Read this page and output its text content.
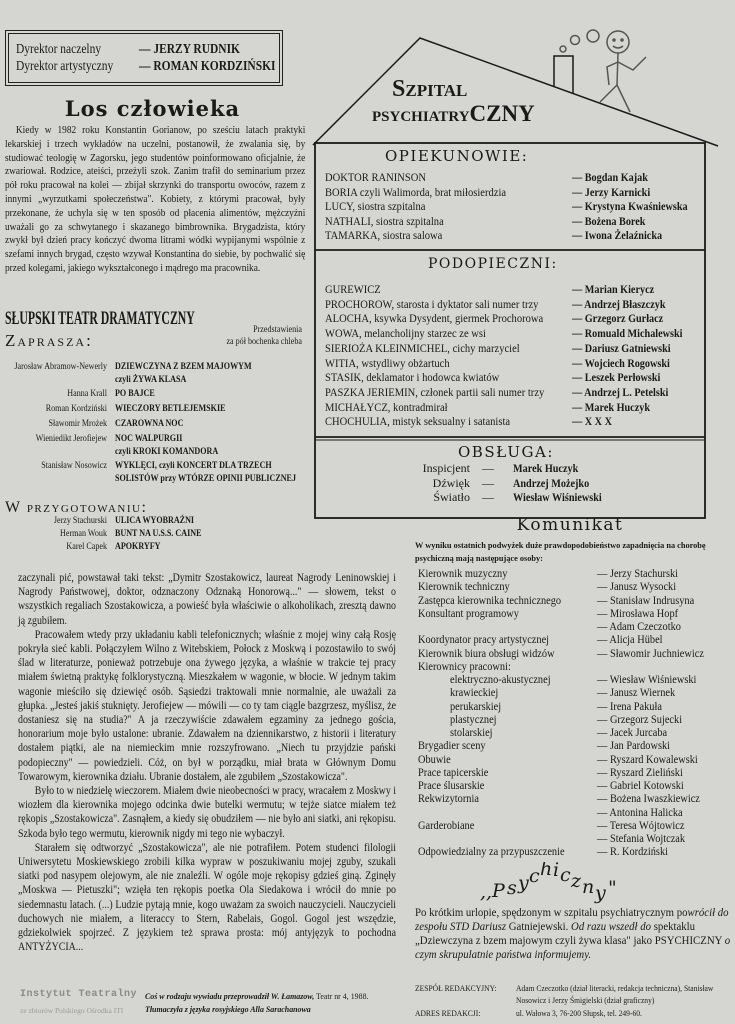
Dyrektor naczelny	— JERZY RUDNIK
Dyrektor artystyczny — ROMAN KORDZIŃSKI
Los człowieka
Kiedy w 1982 roku Konstantin Gorianow, po sześciu latach praktyki lekarskiej i trzech wykładów na uczelni, postanowił, że zwalania się, by studiować teologię w Zagorsku, jego studentów poinformowano oficjalnie, że zwariował. Rodzice, ateiści, przeżyli szok. Zanim trafił do seminarium przez pół roku pracował na kolei — zbijał skrzynki do transportu owoców, razem z innymi „wyrzutkami społeczeństwa". Kobiety, z którymi pracował, były przekonane, że uchyla się w ten sposób od płacenia alimentów, mężczyźni uważali go za schwytanego i skazanego bimbrownika. Brygadzista, który zwykł był dzień pracy kończyć dwoma litrami wódki wypijanymi wspólnie z szefami innych brygad, często wzywał Konstantina do siebie, by pochwalić się przed kolegami, jakiego wykształconego i mądrego ma pracownika.
SŁUPSKI TEATR DRAMATYCZNY
Zaprasza:
Przedstawienia
za pół bochenka chleba
Jarosław Abramow-Newerly DZIEWCZYNA Z BZEM MAJOWYM
czyli ŻYWA KLASA
Hanna Krall PO BAJCE
Roman Kordziński WIECZORY BETLEJEMSKIE
Sławomir Mrożek CZAROWNA NOC
Wieniedikt Jerofiejew NOC WALPURGII
czyli KROKI KOMANDORA
Stanisław Nosowicz WYKLĘCI, czyli KONCERT DLA TRZECH
SOLISTÓW przy WTÓRZE OPINII PUBLICZNEJ
W przygotowaniu:
Jerzy Stachurski ULICA WYOBRAŹNI
Herman Wouk BUNT NA U.S.S. CAINE
Karel Capek APOKRYFY

zaczynali pić, powstawał taki tekst: „Dymitr Szostakowicz, laureat Nagrody Leninowskiej i Nagrody Państwowej, doktor, odznaczony Odznaką Honorową..." — słowem, tekst o wszystkich regaliach Szostakowicza, a powieść była właściwie o alkoholikach, zresztą dawno ją zgubiłem.

Pracowałem wtedy przy układaniu kabli telefonicznych; właśnie z mojej winy całą Rosję pokryła sieć kabli. Połączyłem Wilno z Witebskiem, Połock z Moskwą i pozostawiło to swój ślad w literaturze, ponieważ potrzebuje ona żywego języka, a właśnie w trakcie tej pracy miałem świetną praktykę folklorystyczną. Mieszkałem w wagonie, w błocie. W jednym takim wagonie mieściło się dziewięć osób. Sąsiedzi traktowali mnie normalnie, ale uważali za głupka. „Jesteś jakiś stuknięty. Jerofiejew — mówili — co ty tam ciągle bazgrzesz, myślisz, że dostaniesz się na studia?" A ja rzeczywiście zdawałem egzaminy za jednego gościa, honorarium moje było ustalone: ubranie. Zdawałem na dziennikarstwo, z historii i literatury dostałem piątki, ale na niemieckim mnie rozszyfrowano. „Niech tu przyjdzie pański podopieczny" — powiedzieli. Cóż, on był w porządku, miał brata w Głównym Domu Towarowym, kierownika działu. Ubranie dostałem, ale zgubiłem „Szostakowicza".

Było to w niedzielę wieczorem. Miałem dwie nieobecności w pracy, wracałem z Moskwy i wiozłem dla kierownika mojego odcinka dwie butelki wermutu; w tejże siatce miałem też rękopis „Szostakowicza". Zasnąłem, a kiedy się obudziłem — nie było ani siatki, ani rękopisu. Szkoda było tego wermutu, kierownik nigdy mi tego nie wybaczył.

Starałem się odtworzyć „Szostakowicza", ale nie potrafiłem. Potem studenci filologii Uniwersytetu Moskiewskiego zrobili kilka wypraw w poszukiwaniu mojej zguby, szukali siatki pod nasypem olejowym, ale nie znaleźli. W ogóle moje rękopisy gdzieś giną. Zginęły „Moskwa — Pietuszki"; wzięła ten rękopis poetka Ola Siedakowa i wrócił do mnie po siedemnastu latach. (...) Ludzie pytają mnie, kogo uważam za swoich nauczycieli. Nauczycieli duchowych nie miałem, a literaccy to Stern, Rabelais, Gogol. Gogol jest wszędzie, gdziekolwiek spojrzeć. Z językiem też sprawa prosta: mój antyjęzyk to pochodna ANTYŻYCIA...

Instytut Teatralny
ze zbiorów Polskiego Ośrodka ITI
Coś w rodzaju wywiadu przeprowadził W. Łamazow, Teatr nr 4, 1988.
Tłumaczyła z języka rosyjskiego Alla Sarachanowa
SZPITAL
PSYCHIATRYCZNY
OPIEKUNOWIE:
DOKTOR RANINSON	— Bogdan Kajak
BORIA czyli Walimorda, brat miłosierdzia	— Jerzy Karnicki
LUCY, siostra szpitalna	— Krystyna Kwaśniewska
NATHALI, siostra szpitalna	— Bożena Borek
TAMARKA, siostra salowa	— Iwona Żelaźnicka
PODOPIECZNI:
GUREWICZ	— Marian Kierycz
PROCHOROW, starosta i dyktator sali numer trzy	— Andrzej Błaszczyk
ALOCHA, ksywka Dysydent, giermek Prochorowa — Grzegorz Gurłacz
WOWA, melancholijny starzec ze wsi	— Romuald Michalewski
SIERIOŻA KLEINMICHEL, cichy marzyciel	— Dariusz Gatniewski
WITIA, wstydliwy obżartuch	— Wojciech Rogowski
STASIK, deklamator i hodowca kwiatów	— Leszek Perłowski
PASZKA JERIEMIN, członek partii sali numer trzy — Andrzej L. Petelski
MICHAŁYCZ, kontradmirał	— Marek Huczyk
CHOCHULIA, mistyk seksualny i satanista	— X X X
OBSŁUGA:
Inspicjent — Marek Huczyk
Dźwięk — Andrzej Możejko
Światło — Wiesław Wiśniewski
Komunikat
W wyniku ostatnich podwyżek duże prawdopodobieństwo zapadnięcia na chorobę psychiczną mają następujące osoby:
Kierownik muzyczny	— Jerzy Stachurski
Kierownik techniczny	— Janusz Wysocki
Zastępca kierownika technicznego	— Stanisław Indrusyna
Konsultant programowy	— Mirosława Hopf
— Adam Czeczotko
Koordynator pracy artystycznej	— Alicja Hübel
Kierownik biura obsługi widzów	— Sławomir Juchniewicz
Kierownicy pracowni:
elektryczno-akustycznej	— Wiesław Wiśniewski
krawieckiej	— Janusz Wiernek
perukarskiej	— Irena Pakuła
plastycznej	— Grzegorz Sujecki
stolarskiej	— Jacek Jurcaba
Brygadier sceny	— Jan Pardowski
Obuwie	— Ryszard Kowalewski
Prace tapicerskie	— Ryszard Zieliński
Prace ślusarskie	— Gabriel Kotowski
Rekwizytornia	— Bożena Iwaszkiewicz
— Antonina Halicka
Garderobiane	— Teresa Wójtowicz
— Stefania Wojtczak
Odpowiedzialny za przypuszczenie	— R. Kordziński
,,P sychiczny "
Po krótkim urlopie, spędzonym w szpitalu psychiatrycznym powrócił do zespołu STD Dariusz Gatniejewski. Od razu wszedł do spektaklu „Dziewczyna z bzem majowym czyli żywa klasa" jako PSYCHICZNY o czym skrupulatnie państwa informujemy.
ZESPÓŁ REDAKCYJNY: Adam Czeczotko (dział literacki, redakcja techniczna), Stanisław Nosowicz i Jerzy Śmigielski (dział graficzny)
ADRES REDAKCJI:	ul. Wałowa 3, 76-200 Słupsk, tel. 249-60.
